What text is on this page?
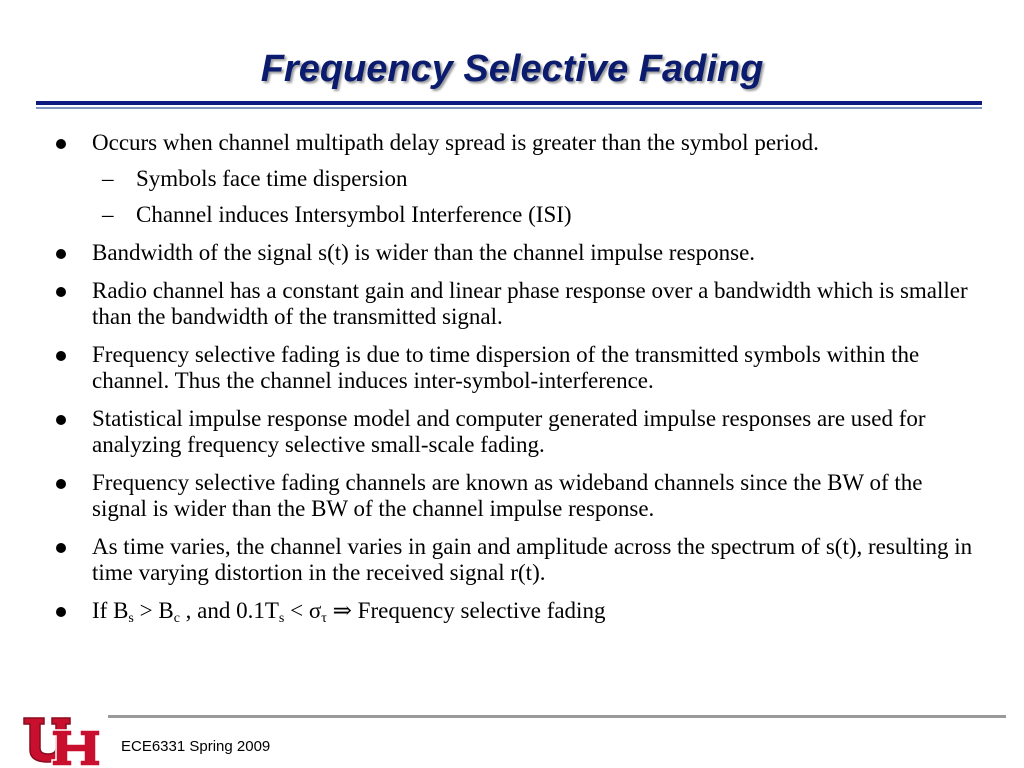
Frequency Selective Fading
Occurs when channel multipath delay spread is greater than the symbol period.
– Symbols face time dispersion
– Channel induces Intersymbol Interference (ISI)
Bandwidth of the signal s(t) is wider than the channel impulse response.
Radio channel has a constant gain and linear phase response over a bandwidth which is smaller than the bandwidth of the transmitted signal.
Frequency selective fading is due to time dispersion of the transmitted symbols within the channel. Thus the channel induces inter-symbol-interference.
Statistical impulse response model and computer generated impulse responses are used for analyzing frequency selective small-scale fading.
Frequency selective fading channels are known as wideband channels since the BW of the signal is wider than the BW of the channel impulse response.
As time varies, the channel varies in gain and amplitude across the spectrum of s(t), resulting in time varying distortion in the received signal r(t).
If $B_s > B_c$ , and $0.1T_s < \sigma_\tau$ ⇒ Frequency selective fading
ECE6331 Spring 2009
